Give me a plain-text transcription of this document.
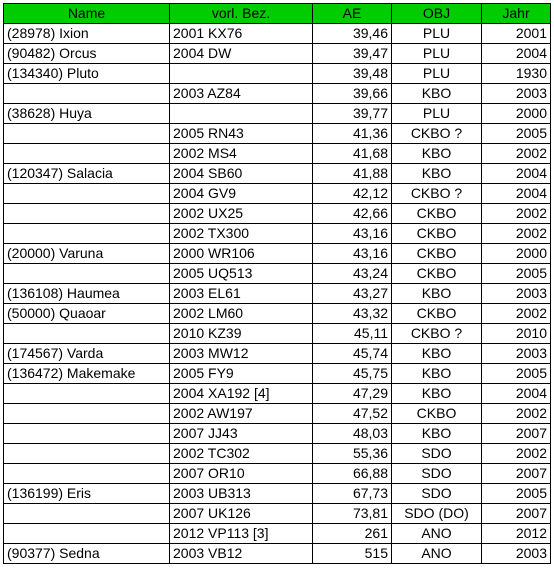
Name	vorl. Bez.	AE	OBJ	Jahr
(28978) Ixion	2001 KX76	39,46	PLU	2001
(90482) Orcus	2004 DW	39,47	PLU	2004
(134340) Pluto		39,48	PLU	1930
	2003 AZ84	39,66	KBO	2003
(38628) Huya		39,77	PLU	2000
	2005 RN43	41,36	CKBO ?	2005
	2002 MS4	41,68	KBO	2002
(120347) Salacia	2004 SB60	41,88	KBO	2004
	2004 GV9	42,12	CKBO ?	2004
	2002 UX25	42,66	CKBO	2002
	2002 TX300	43,16	CKBO	2002
(20000) Varuna	2000 WR106	43,16	CKBO	2000
	2005 UQ513	43,24	CKBO	2005
(136108) Haumea	2003 EL61	43,27	KBO	2003
(50000) Quaoar	2002 LM60	43,32	CKBO	2002
	2010 KZ39	45,11	CKBO ?	2010
(174567) Varda	2003 MW12	45,74	KBO	2003
(136472) Makemake	2005 FY9	45,75	KBO	2005
	2004 XA192 [4]	47,29	KBO	2004
	2002 AW197	47,52	CKBO	2002
	2007 JJ43	48,03	KBO	2007
	2002 TC302	55,36	SDO	2002
	2007 OR10	66,88	SDO	2007
(136199) Eris	2003 UB313	67,73	SDO	2005
	2007 UK126	73,81	SDO (DO)	2007
	2012 VP113 [3]	261	ANO	2012
(90377) Sedna	2003 VB12	515	ANO	2003
